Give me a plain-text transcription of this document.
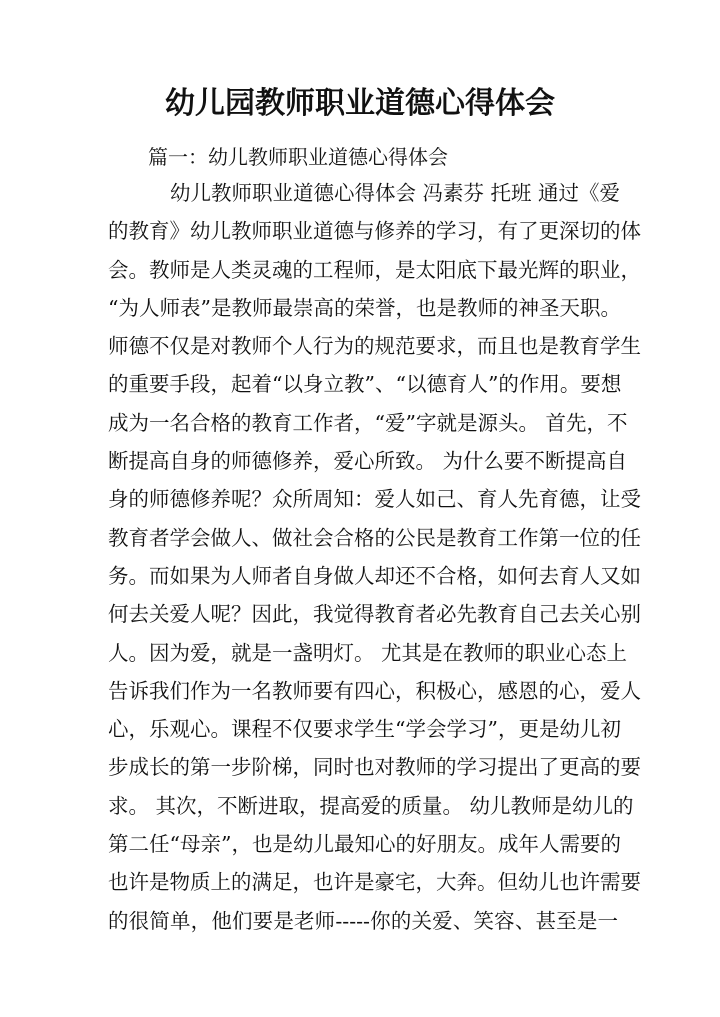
幼儿园教师职业道德心得体会

篇一：幼儿教师职业道德心得体会

幼儿教师职业道德心得体会 冯素芬 托班 通过《爱
的教育》幼儿教师职业道德与修养的学习，有了更深切的体
会。教师是人类灵魂的工程师，是太阳底下最光辉的职业，
“为人师表”是教师最崇高的荣誉，也是教师的神圣天职。
师德不仅是对教师个人行为的规范要求，而且也是教育学生
的重要手段，起着“以身立教”、“以德育人”的作用。要想
成为一名合格的教育工作者，“爱”字就是源头。 首先，不
断提高自身的师德修养，爱心所致。 为什么要不断提高自
身的师德修养呢？众所周知：爱人如己、育人先育德，让受
教育者学会做人、做社会合格的公民是教育工作第一位的任
务。而如果为人师者自身做人却还不合格，如何去育人又如
何去关爱人呢？因此，我觉得教育者必先教育自己去关心别
人。因为爱，就是一盏明灯。 尤其是在教师的职业心态上
告诉我们作为一名教师要有四心，积极心，感恩的心，爱人
心，乐观心。课程不仅要求学生“学会学习”，更是幼儿初
步成长的第一步阶梯，同时也对教师的学习提出了更高的要
求。 其次，不断进取，提高爱的质量。 幼儿教师是幼儿的
第二任“母亲”，也是幼儿最知心的好朋友。成年人需要的
也许是物质上的满足，也许是豪宅，大奔。但幼儿也许需要
的很简单，他们要是老师-----你的关爱、笑容、甚至是一
